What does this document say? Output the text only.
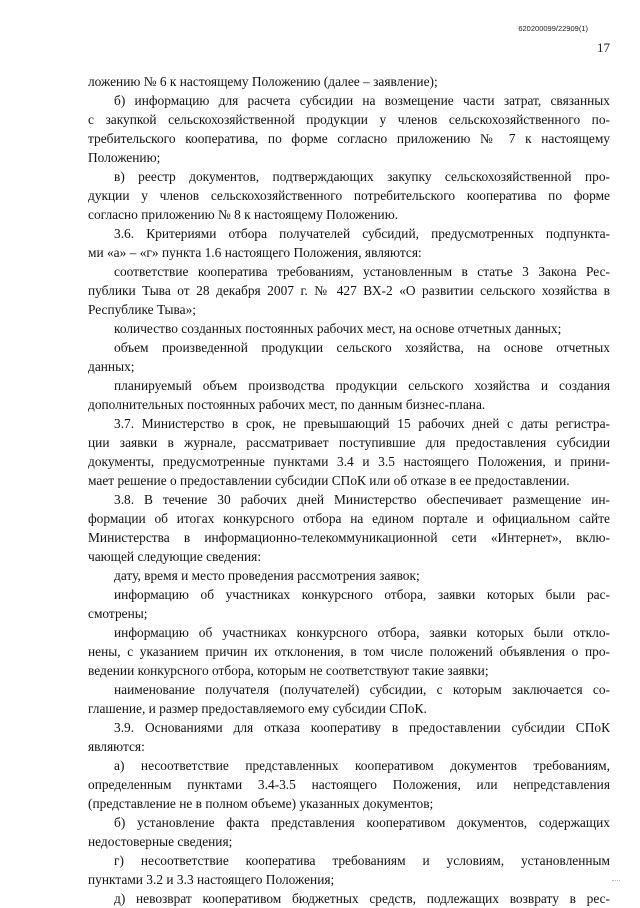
620200099/22909(1)
17
ложению № 6 к настоящему Положению (далее – заявление);
б) информацию для расчета субсидии на возмещение части затрат, связанных
с закупкой сельскохозяйственной продукции у членов сельскохозяйственного по-
требительского кооператива, по форме согласно приложению № 7 к настоящему
Положению;
в) реестр документов, подтверждающих закупку сельскохозяйственной про-
дукции у членов сельскохозяйственного потребительского кооператива по форме
согласно приложению № 8 к настоящему Положению.
3.6. Критериями отбора получателей субсидий, предусмотренных подпункта-
ми «а» – «г» пункта 1.6 настоящего Положения, являются:
соответствие кооператива требованиям, установленным в статье 3 Закона Рес-
публики Тыва от 28 декабря 2007 г. № 427 ВХ-2 «О развитии сельского хозяйства в
Республике Тыва»;
количество созданных постоянных рабочих мест, на основе отчетных данных;
объем произведенной продукции сельского хозяйства, на основе отчетных
данных;
планируемый объем производства продукции сельского хозяйства и создания
дополнительных постоянных рабочих мест, по данным бизнес-плана.
3.7. Министерство в срок, не превышающий 15 рабочих дней с даты регистра-
ции заявки в журнале, рассматривает поступившие для предоставления субсидии
документы, предусмотренные пунктами 3.4 и 3.5 настоящего Положения, и прини-
мает решение о предоставлении субсидии СПоК или об отказе в ее предоставлении.
3.8. В течение 30 рабочих дней Министерство обеспечивает размещение ин-
формации об итогах конкурсного отбора на едином портале и официальном сайте
Министерства в информационно-телекоммуникационной сети «Интернет», вклю-
чающей следующие сведения:
дату, время и место проведения рассмотрения заявок;
информацию об участниках конкурсного отбора, заявки которых были рас-
смотрены;
информацию об участниках конкурсного отбора, заявки которых были откло-
нены, с указанием причин их отклонения, в том числе положений объявления о про-
ведении конкурсного отбора, которым не соответствуют такие заявки;
наименование получателя (получателей) субсидии, с которым заключается со-
глашение, и размер предоставляемого ему субсидии СПоК.
3.9. Основаниями для отказа кооперативу в предоставлении субсидии СПоК
являются:
а) несоответствие представленных кооперативом документов требованиям,
определенным пунктами 3.4-3.5 настоящего Положения, или непредставления
(представление не в полном объеме) указанных документов;
б) установление факта представления кооперативом документов, содержащих
недостоверные сведения;
г) несоответствие кооператива требованиям и условиям, установленным
пунктами 3.2 и 3.3 настоящего Положения;
д) невозврат кооперативом бюджетных средств, подлежащих возврату в рес-
